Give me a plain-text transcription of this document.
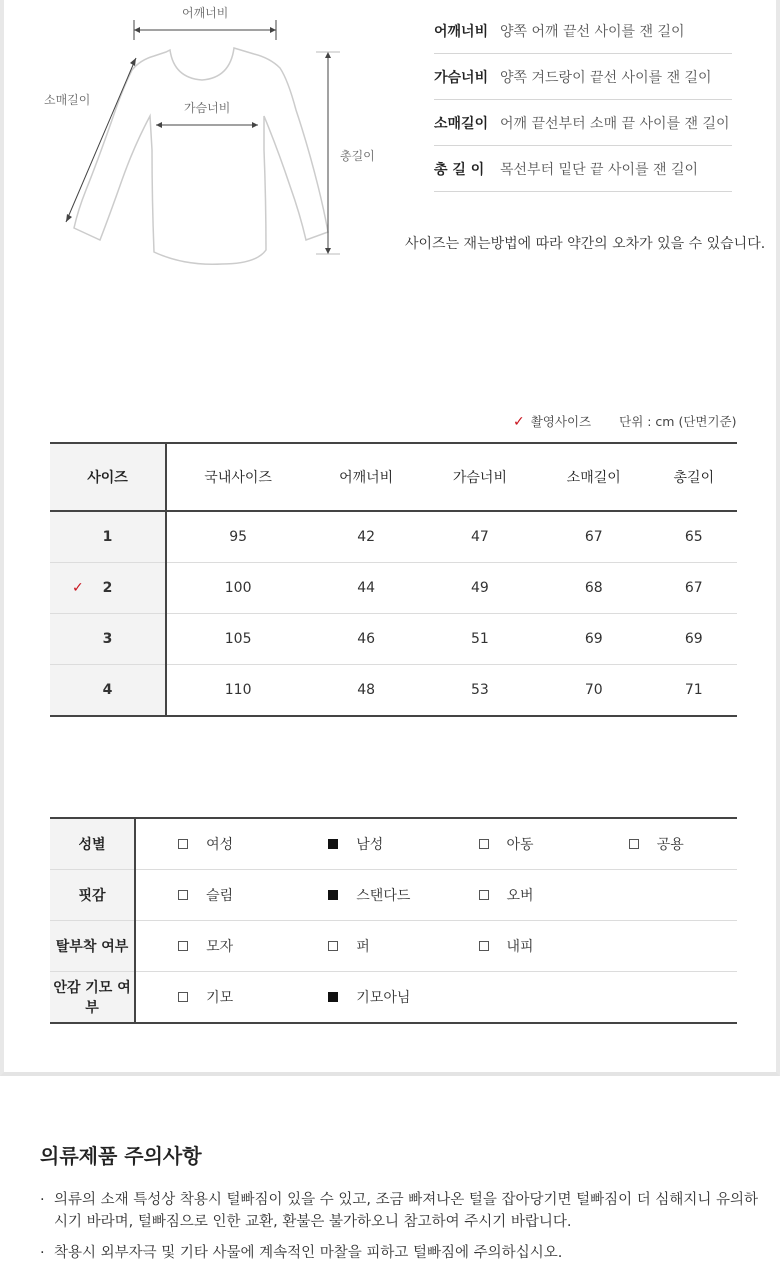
어깨너비
가슴너비
소매길이
총길이
어깨너비 양쪽 어깨 끝선 사이를 잰 길이
가슴너비 양쪽 겨드랑이 끝선 사이를 잰 길이
소매길이 어깨 끝선부터 소매 끝 사이를 잰 길이
총 길 이	목선부터 밑단 끝 사이를 잰 길이
사이즈는 재는방법에 따라 약간의 오차가 있을 수 있습니다.
✓ 촬영사이즈 단위 : cm (단면기준)
사이즈	국내사이즈	어깨너비	가슴너비	소매길이	총길이
1	95	42	47	67	65

✓ 2	100	44	49	68	67
3	105	46	51	69	69
4	110	48	53	70	71
성별	여성	남성	아동	공용
핏감	슬림	스탠다드	오버	
탈부착 여부	모자	퍼	내피	
안감 기모 여부	기모	기모아님		
의류제품 주의사항
· 의류의 소재 특성상 착용시 털빠짐이 있을 수 있고, 조금 빠져나온 털을 잡아당기면 털빠짐이 더 심해지니 유의하시기 바라며, 털빠짐으로 인한 교환, 환불은 불가하오니 참고하여 주시기 바랍니다.
· 착용시 외부자극 및 기타 사물에 계속적인 마찰을 피하고 털빠짐에 주의하십시오.
